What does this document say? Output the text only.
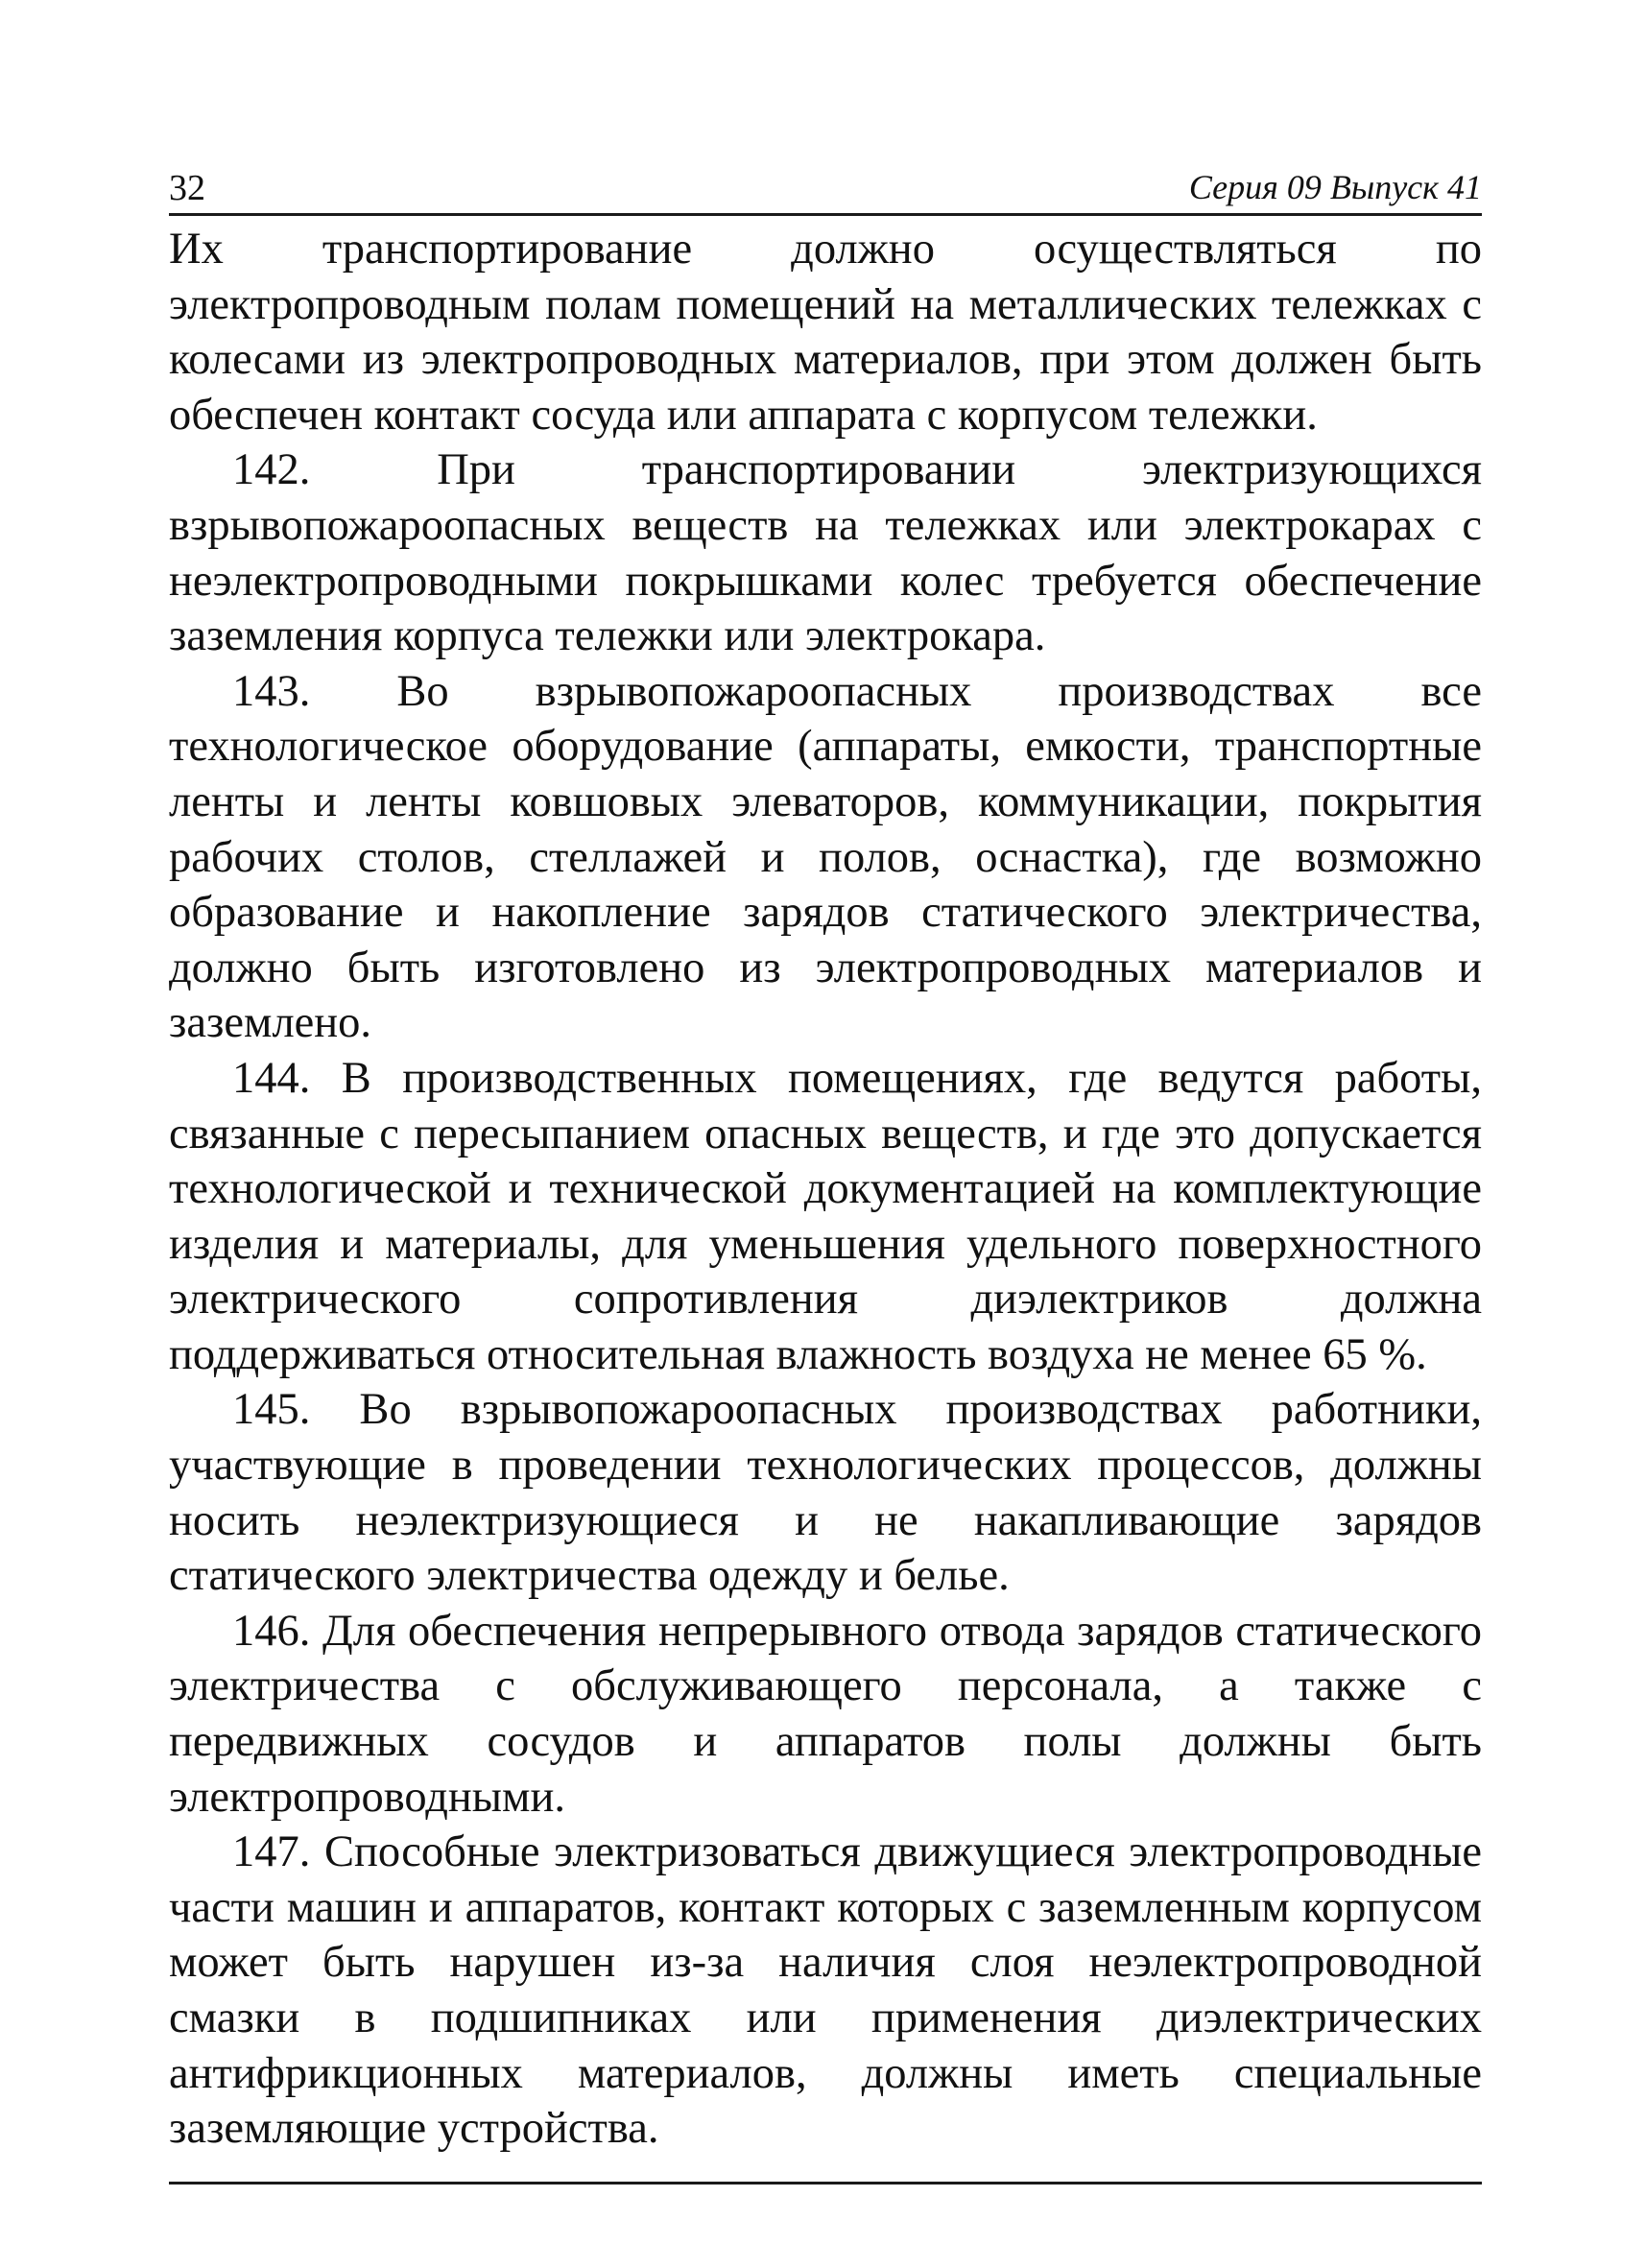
32	Серия 09 Выпуск 41

Их транспортирование должно осуществляться по электропроводным полам помещений на металлических тележках с колесами из электропроводных материалов, при этом должен быть обеспечен контакт сосуда или аппарата с корпусом тележки.

142. При транспортировании электризующихся взрывопожароопасных веществ на тележках или электрокарах с неэлектропроводными покрышками колес требуется обеспечение заземления корпуса тележки или электрокара.

143. Во взрывопожароопасных производствах все технологическое оборудование (аппараты, емкости, транспортные ленты и ленты ковшовых элеваторов, коммуникации, покрытия рабочих столов, стеллажей и полов, оснастка), где возможно образование и накопление зарядов статического электричества, должно быть изготовлено из электропроводных материалов и заземлено.

144. В производственных помещениях, где ведутся работы, связанные с пересыпанием опасных веществ, и где это допускается технологической и технической документацией на комплектующие изделия и материалы, для уменьшения удельного поверхностного электрического сопротивления диэлектриков должна поддерживаться относительная влажность воздуха не менее 65 %.

145. Во взрывопожароопасных производствах работники, участвующие в проведении технологических процессов, должны носить неэлектризующиеся и не накапливающие зарядов статического электричества одежду и белье.

146. Для обеспечения непрерывного отвода зарядов статического электричества с обслуживающего персонала, а также с передвижных сосудов и аппаратов полы должны быть электропроводными.

147. Способные электризоваться движущиеся электропроводные части машин и аппаратов, контакт которых с заземленным корпусом может быть нарушен из-за наличия слоя неэлектропроводной смазки в подшипниках или применения диэлектрических антифрикционных материалов, должны иметь специальные заземляющие устройства.
